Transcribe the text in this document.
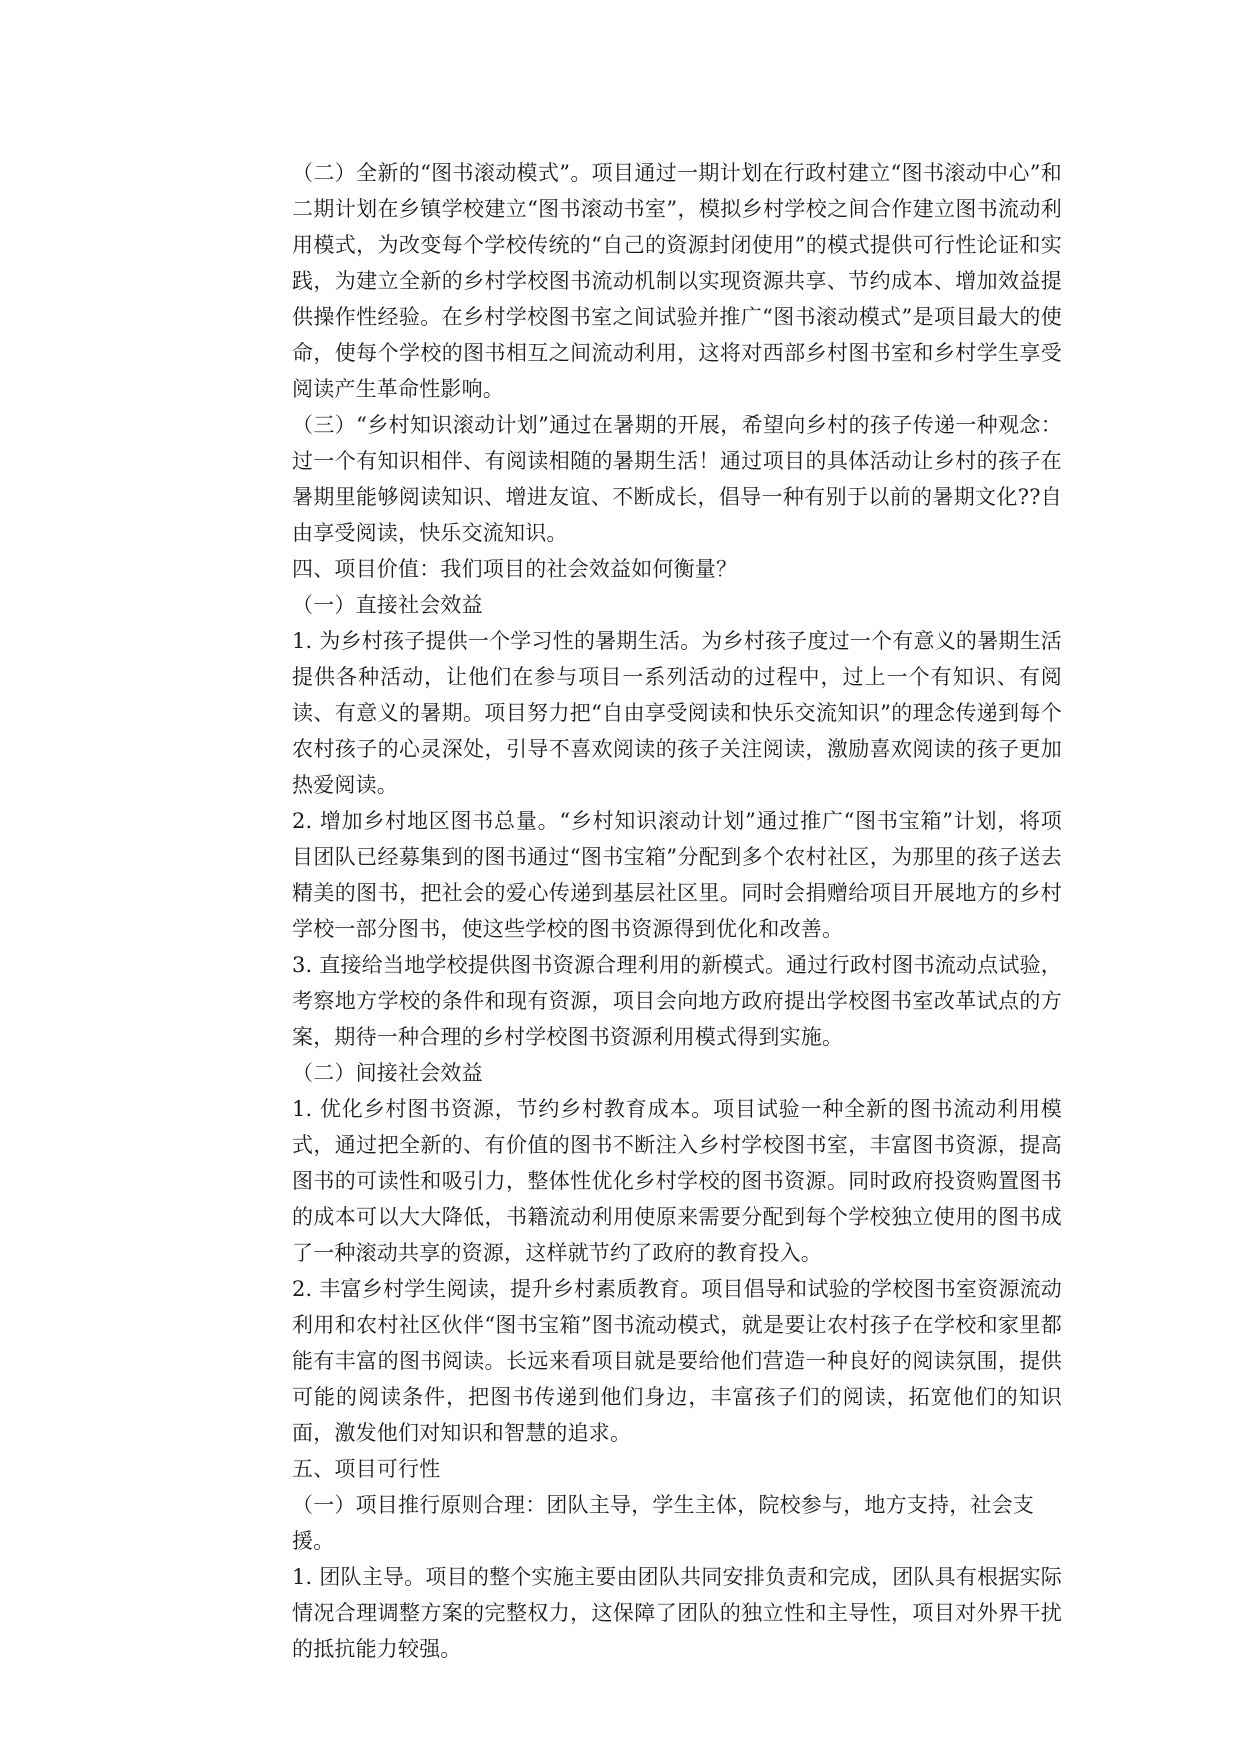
（二）全新的“图书滚动模式”。项目通过一期计划在行政村建立“图书滚动中心”和二期计划在乡镇学校建立“图书滚动书室”，模拟乡村学校之间合作建立图书流动利用模式，为改变每个学校传统的“自己的资源封闭使用”的模式提供可行性论证和实践，为建立全新的乡村学校图书流动机制以实现资源共享、节约成本、增加效益提供操作性经验。在乡村学校图书室之间试验并推广“图书滚动模式”是项目最大的使命，使每个学校的图书相互之间流动利用，这将对西部乡村图书室和乡村学生享受阅读产生革命性影响。

（三）“乡村知识滚动计划”通过在暑期的开展，希望向乡村的孩子传递一种观念：过一个有知识相伴、有阅读相随的暑期生活！通过项目的具体活动让乡村的孩子在暑期里能够阅读知识、增进友谊、不断成长，倡导一种有别于以前的暑期文化??自由享受阅读，快乐交流知识。

四、项目价值：我们项目的社会效益如何衡量？

（一）直接社会效益

1. 为乡村孩子提供一个学习性的暑期生活。为乡村孩子度过一个有意义的暑期生活提供各种活动，让他们在参与项目一系列活动的过程中，过上一个有知识、有阅读、有意义的暑期。项目努力把“自由享受阅读和快乐交流知识”的理念传递到每个农村孩子的心灵深处，引导不喜欢阅读的孩子关注阅读，激励喜欢阅读的孩子更加热爱阅读。

2. 增加乡村地区图书总量。“乡村知识滚动计划”通过推广“图书宝箱”计划，将项目团队已经募集到的图书通过“图书宝箱”分配到多个农村社区，为那里的孩子送去精美的图书，把社会的爱心传递到基层社区里。同时会捐赠给项目开展地方的乡村学校一部分图书，使这些学校的图书资源得到优化和改善。

3. 直接给当地学校提供图书资源合理利用的新模式。通过行政村图书流动点试验，考察地方学校的条件和现有资源，项目会向地方政府提出学校图书室改革试点的方案，期待一种合理的乡村学校图书资源利用模式得到实施。

（二）间接社会效益

1. 优化乡村图书资源，节约乡村教育成本。项目试验一种全新的图书流动利用模式，通过把全新的、有价值的图书不断注入乡村学校图书室，丰富图书资源，提高图书的可读性和吸引力，整体性优化乡村学校的图书资源。同时政府投资购置图书的成本可以大大降低，书籍流动利用使原来需要分配到每个学校独立使用的图书成了一种滚动共享的资源，这样就节约了政府的教育投入。

2. 丰富乡村学生阅读，提升乡村素质教育。项目倡导和试验的学校图书室资源流动利用和农村社区伙伴“图书宝箱”图书流动模式，就是要让农村孩子在学校和家里都能有丰富的图书阅读。长远来看项目就是要给他们营造一种良好的阅读氛围，提供可能的阅读条件，把图书传递到他们身边，丰富孩子们的阅读，拓宽他们的知识面，激发他们对知识和智慧的追求。

五、项目可行性

（一）项目推行原则合理：团队主导，学生主体，院校参与，地方支持，社会支援。

1. 团队主导。项目的整个实施主要由团队共同安排负责和完成，团队具有根据实际情况合理调整方案的完整权力，这保障了团队的独立性和主导性，项目对外界干扰的抵抗能力较强。
